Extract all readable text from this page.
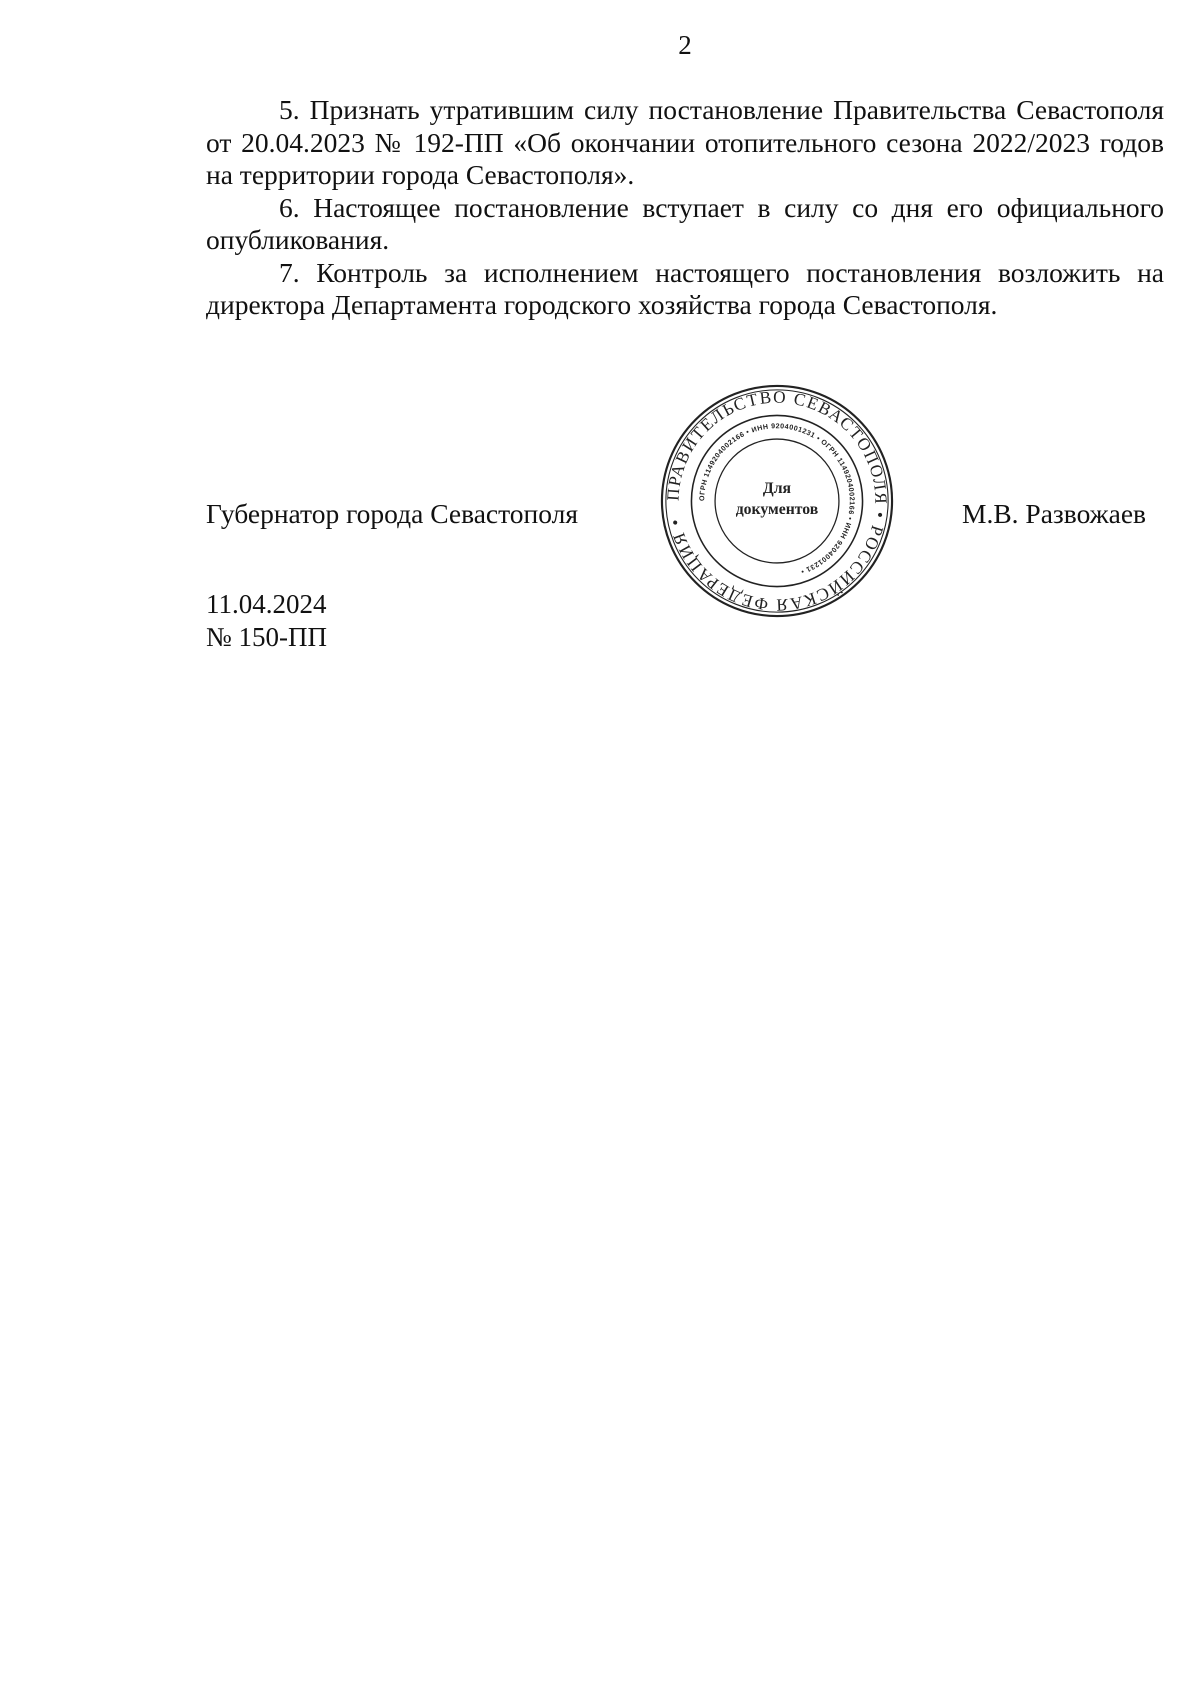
2

5. Признать утратившим силу постановление Правительства Севастополя от 20.04.2023 № 192-ПП «Об окончании отопительного сезона 2022/2023 годов на территории города Севастополя».

6. Настоящее постановление вступает в силу со дня его официального опубликования.

7. Контроль за исполнением настоящего постановления возложить на директора Департамента городского хозяйства города Севастополя.

Губернатор города Севастополя
ПРАВИТЕЛЬСТВО СЕВАСТОПОЛЯ • РОССИЙСКАЯ ФЕДЕРАЦИЯ •
ОГРН 1149204002166 • ИНН 9204001231 • ОГРН 1149204002166 • ИНН 9204001231 •
Для
документов	М.В. Развожаев
11.04.2024
№ 150-ПП
